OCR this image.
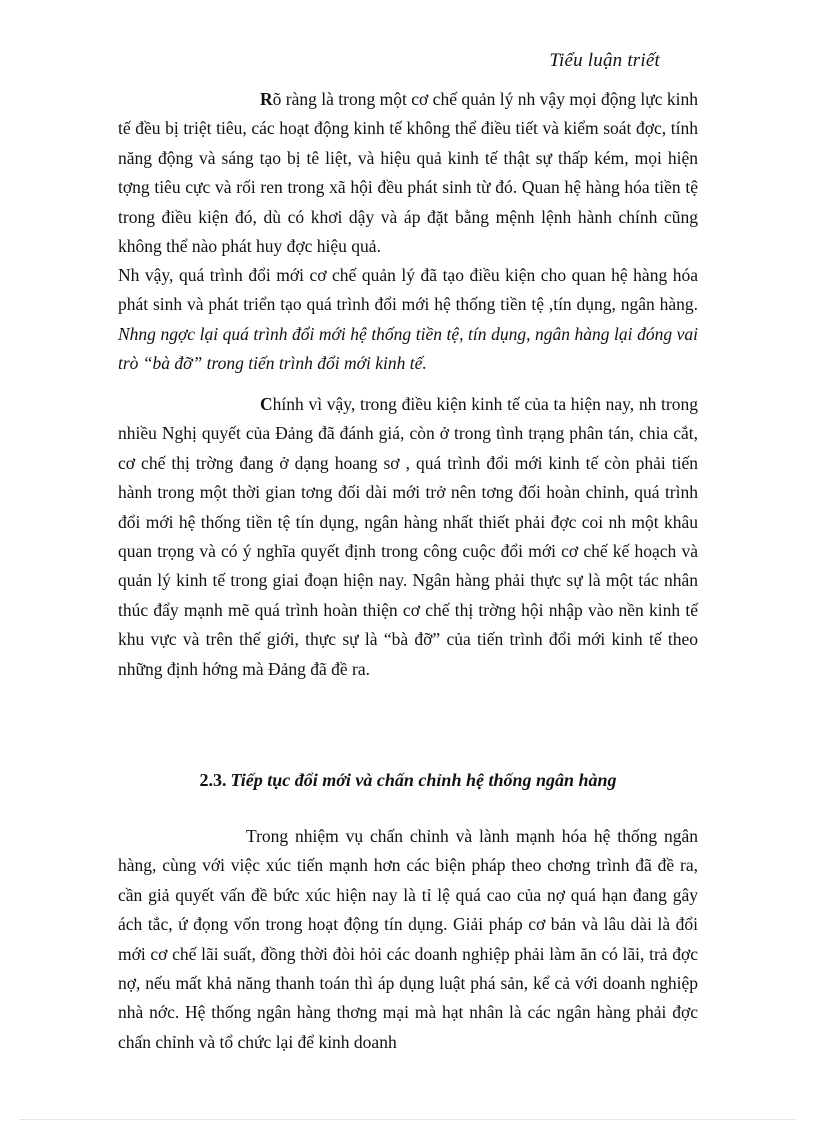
Tiểu luận triết

Rõ ràng là trong một cơ chế quản lý nh vậy mọi động lực kinh tế đều bị triệt tiêu, các hoạt động kinh tế không thể điều tiết và kiểm soát đợc, tính năng động và sáng tạo bị tê liệt, và hiệu quả kinh tế thật sự thấp kém, mọi hiện tợng tiêu cực và rối ren trong xã hội đều phát sinh từ đó. Quan hệ hàng hóa tiền tệ trong điều kiện đó, dù có khơi dậy và áp đặt bằng mệnh lệnh hành chính cũng không thể nào phát huy đợc hiệu quả.

Nh vậy, quá trình đổi mới cơ chế quản lý đã tạo điều kiện cho quan hệ hàng hóa phát sinh và phát triển tạo quá trình đổi mới hệ thống tiền tệ ,tín dụng, ngân hàng. Nhng ngợc lại quá trình đổi mới hệ thống tiền tệ, tín dụng, ngân hàng lại đóng vai trò “bà đỡ” trong tiến trình đổi mới kinh tế.

Chính vì vậy, trong điều kiện kinh tế của ta hiện nay, nh trong nhiều Nghị quyết của Đảng đã đánh giá, còn ở trong tình trạng phân tán, chia cắt, cơ chế thị trờng đang ở dạng hoang sơ , quá trình đổi mới kinh tế còn phải tiến hành trong một thời gian tơng đối dài mới trở nên tơng đối hoàn chỉnh, quá trình đổi mới hệ thống tiền tệ tín dụng, ngân hàng nhất thiết phải đợc coi nh một khâu quan trọng và có ý nghĩa quyết định trong công cuộc đổi mới cơ chế kế hoạch và quản lý kinh tế trong giai đoạn hiện nay. Ngân hàng phải thực sự là một tác nhân thúc đẩy mạnh mẽ quá trình hoàn thiện cơ chế thị trờng hội nhập vào nền kinh tế khu vực và trên thế giới, thực sự là “bà đỡ” của tiến trình đổi mới kinh tế theo những định hớng mà Đảng đã đề ra.

2.3. Tiếp tục đổi mới và chấn chỉnh hệ thống ngân hàng

Trong nhiệm vụ chấn chỉnh và lành mạnh hóa hệ thống ngân hàng, cùng với việc xúc tiến mạnh hơn các biện pháp theo chơng trình đã đề ra, cần giả quyết vấn đề bức xúc hiện nay là tỉ lệ quá cao của nợ quá hạn đang gây ách tắc, ứ đọng vốn trong hoạt động tín dụng. Giải pháp cơ bản và lâu dài là đổi mới cơ chế lãi suất, đồng thời đòi hỏi các doanh nghiệp phải làm ăn có lãi, trả đợc nợ, nếu mất khả năng thanh toán thì áp dụng luật phá sản, kể cả với doanh nghiệp nhà nớc. Hệ thống ngân hàng thơng mại mà hạt nhân là các ngân hàng phải đợc chấn chỉnh và tổ chức lại để kinh doanh
